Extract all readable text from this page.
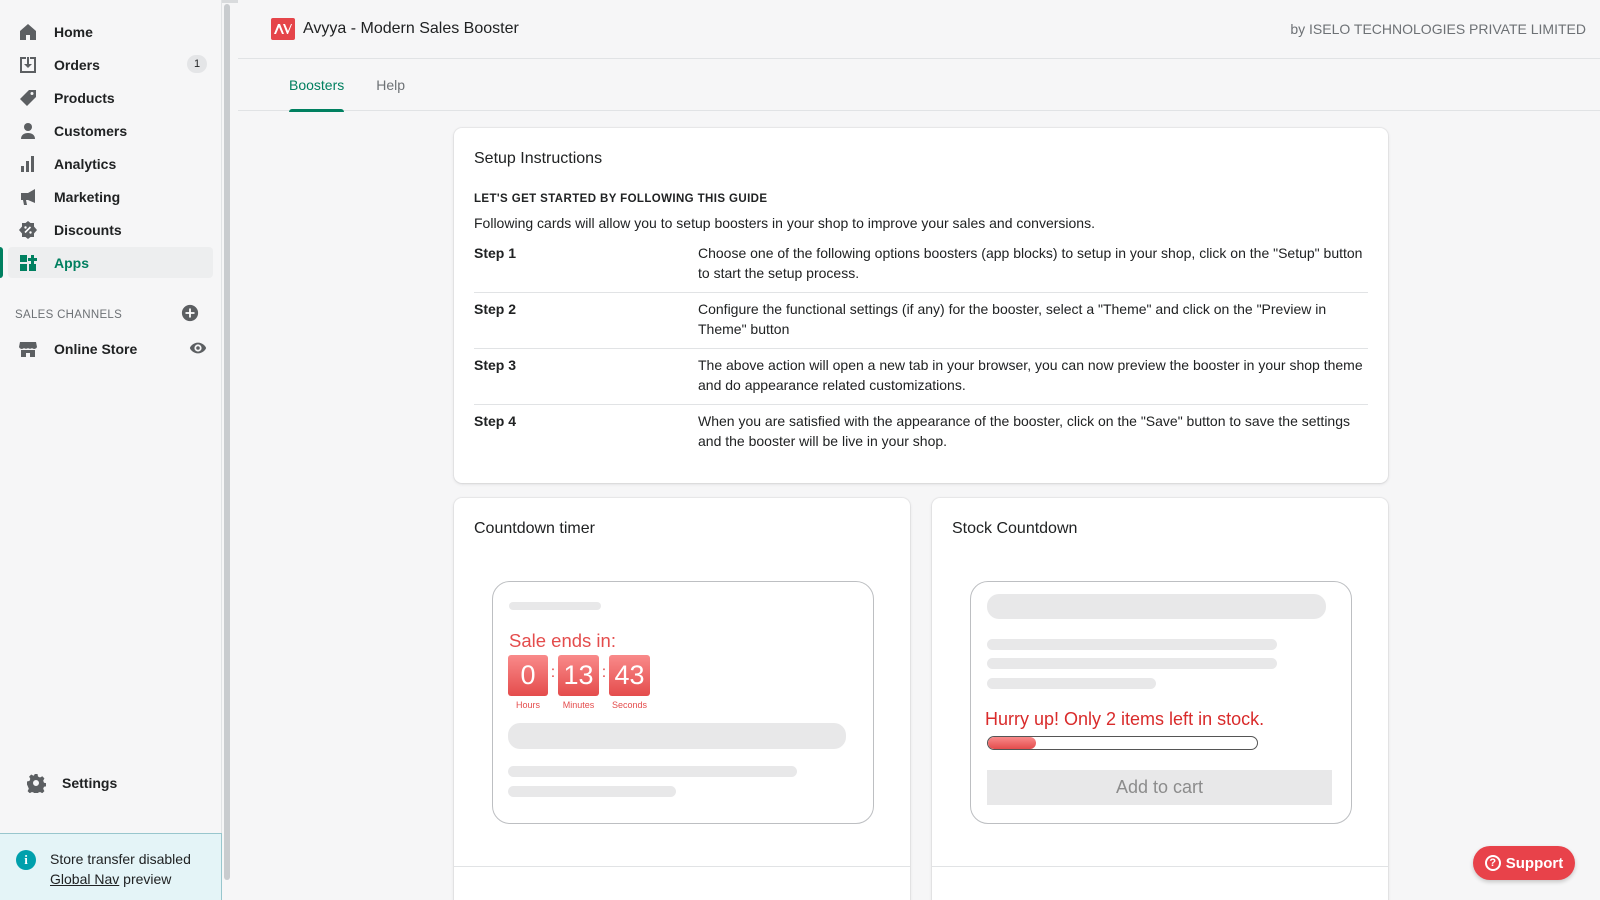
Home
Orders	1
Products
Customers
Analytics
Marketing
Discounts
Apps
SALES CHANNELS
Online Store
Settings
i	Store transfer disabled
Global Nav preview
Avyya - Modern Sales Booster	by ISELO TECHNOLOGIES PRIVATE LIMITED
Boosters Help
Setup Instructions
LET'S GET STARTED BY FOLLOWING THIS GUIDE
Following cards will allow you to setup boosters in your shop to improve your sales and conversions.
Step 1	Choose one of the following options boosters (app blocks) to setup in your shop, click on the "Setup" button to start the setup process.
Step 2	Configure the functional settings (if any) for the booster, select a "Theme" and click on the "Preview in Theme" button
Step 3	The above action will open a new tab in your browser, you can now preview the booster in your shop theme and do appearance related customizations.
Step 4	When you are satisfied with the appearance of the booster, click on the "Save" button to save the settings and the booster will be live in your shop.
Countdown timer
Sale ends in:
0
Hours
: 13
Minutes
: 43
Seconds
Stock Countdown
Hurry up! Only 2 items left in stock.
Add to cart
? Support
